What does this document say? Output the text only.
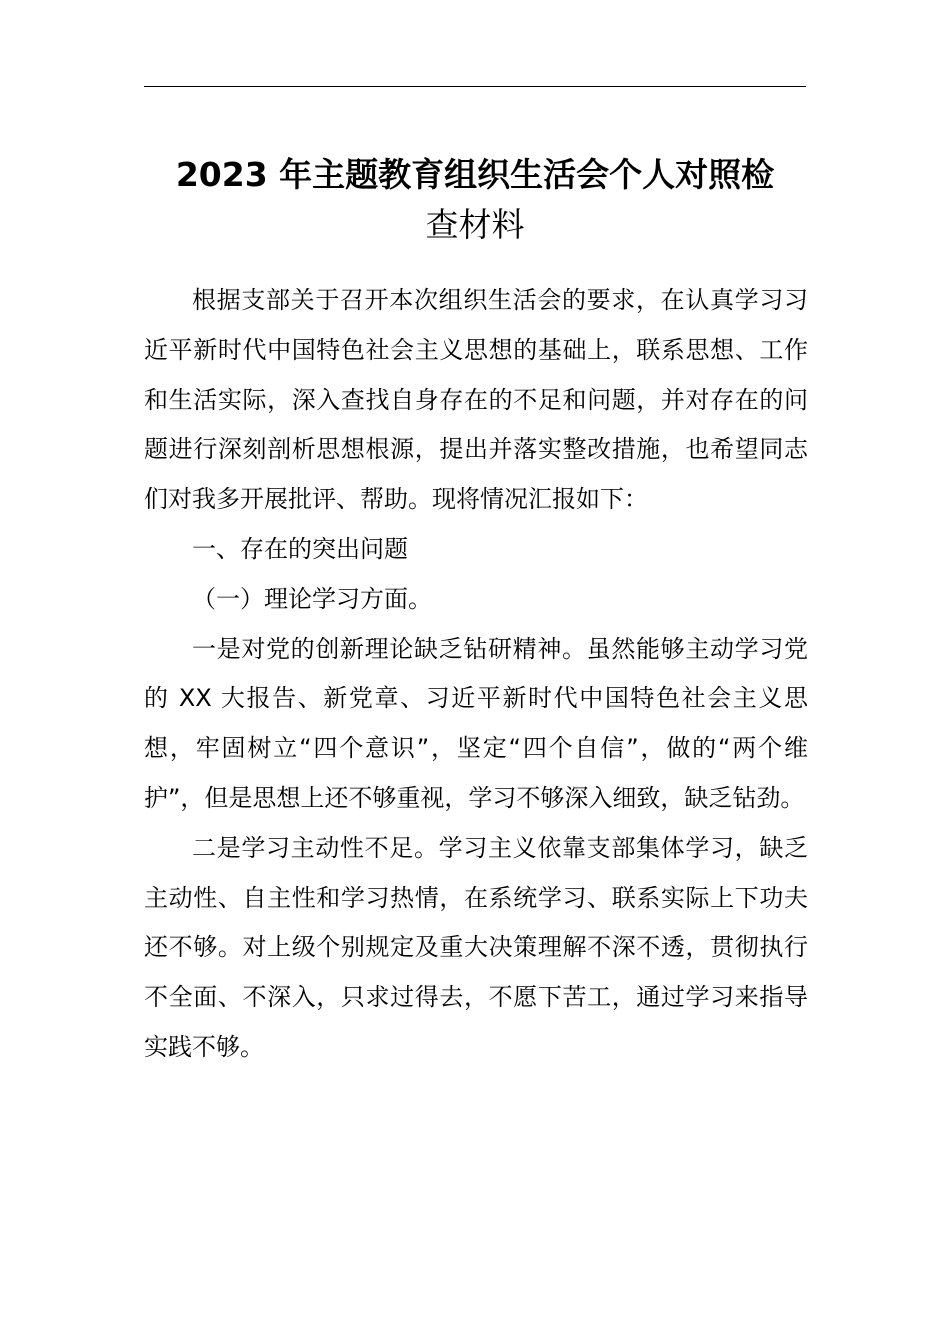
2023 年主题教育组织生活会个人对照检
查材料

根据支部关于召开本次组织生活会的要求，在认真学习习近平新时代中国特色社会主义思想的基础上，联系思想、工作和生活实际，深入查找自身存在的不足和问题，并对存在的问题进行深刻剖析思想根源，提出并落实整改措施，也希望同志们对我多开展批评、帮助。现将情况汇报如下：

一、存在的突出问题

（一）理论学习方面。

一是对党的创新理论缺乏钻研精神。虽然能够主动学习党的 XX 大报告、新党章、习近平新时代中国特色社会主义思想，牢固树立“四个意识”，坚定“四个自信”，做的“两个维护”，但是思想上还不够重视，学习不够深入细致，缺乏钻劲。

二是学习主动性不足。学习主义依靠支部集体学习，缺乏主动性、自主性和学习热情，在系统学习、联系实际上下功夫还不够。对上级个别规定及重大决策理解不深不透，贯彻执行不全面、不深入，只求过得去，不愿下苦工，通过学习来指导实践不够。
